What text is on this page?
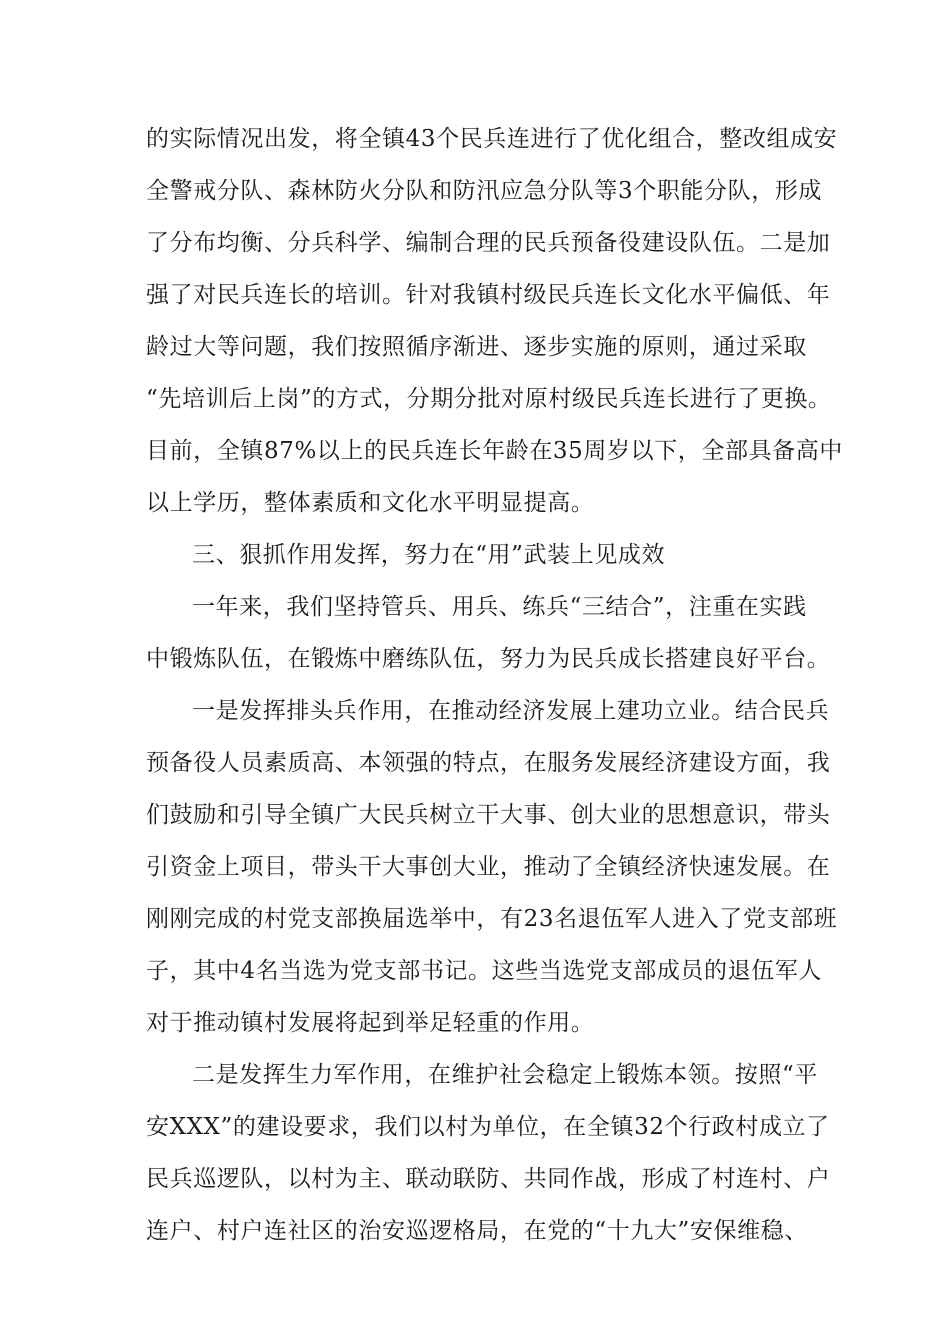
的实际情况出发，将全镇43个民兵连进行了优化组合，整改组成安

全警戒分队、森林防火分队和防汛应急分队等3个职能分队，形成

了分布均衡、分兵科学、编制合理的民兵预备役建设队伍。二是加

强了对民兵连长的培训。针对我镇村级民兵连长文化水平偏低、年

龄过大等问题，我们按照循序渐进、逐步实施的原则，通过采取

“先培训后上岗”的方式，分期分批对原村级民兵连长进行了更换。

目前，全镇87%以上的民兵连长年龄在35周岁以下，全部具备高中

以上学历，整体素质和文化水平明显提高。

三、狠抓作用发挥，努力在“用”武装上见成效

一年来，我们坚持管兵、用兵、练兵“三结合”，注重在实践

中锻炼队伍，在锻炼中磨练队伍，努力为民兵成长搭建良好平台。

一是发挥排头兵作用，在推动经济发展上建功立业。结合民兵

预备役人员素质高、本领强的特点，在服务发展经济建设方面，我

们鼓励和引导全镇广大民兵树立干大事、创大业的思想意识，带头

引资金上项目，带头干大事创大业，推动了全镇经济快速发展。在

刚刚完成的村党支部换届选举中，有23名退伍军人进入了党支部班

子，其中4名当选为党支部书记。这些当选党支部成员的退伍军人

对于推动镇村发展将起到举足轻重的作用。

二是发挥生力军作用，在维护社会稳定上锻炼本领。按照“平

安XXX”的建设要求，我们以村为单位，在全镇32个行政村成立了

民兵巡逻队，以村为主、联动联防、共同作战，形成了村连村、户

连户、村户连社区的治安巡逻格局，在党的“十九大”安保维稳、
